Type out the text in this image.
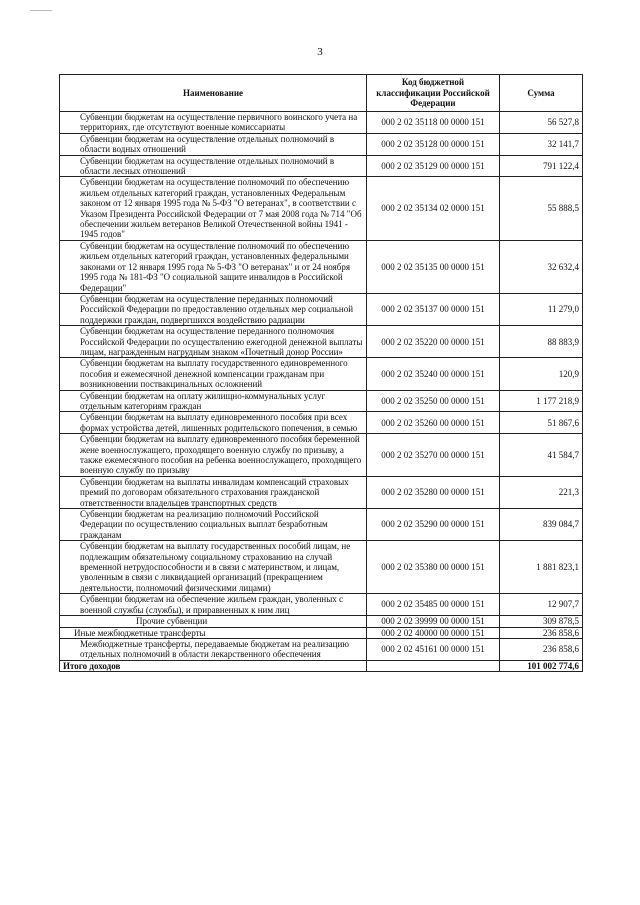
3
Наименование	Код бюджетной классификации Российской Федерации	Сумма
Субвенции бюджетам на осуществление первичного воинского учета на территориях, где отсутствуют военные комиссариаты	000 2 02 35118 00 0000 151	56 527,8
Субвенции бюджетам на осуществление отдельных полномочий в области водных отношений	000 2 02 35128 00 0000 151	32 141,7
Субвенции бюджетам на осуществление отдельных полномочий в области лесных отношений	000 2 02 35129 00 0000 151	791 122,4
Субвенции бюджетам на осуществление полномочий по обеспечению жильем отдельных категорий граждан, установленных Федеральным законом от 12 января 1995 года № 5-ФЗ "О ветеранах", в соответствии с Указом Президента Российской Федерации от 7 мая 2008 года № 714 "Об обеспечении жильем ветеранов Великой Отечественной войны 1941 - 1945 годов"	000 2 02 35134 02 0000 151	55 888,5
Субвенции бюджетам на осуществление полномочий по обеспечению жильем отдельных категорий граждан, установленных федеральными законами от 12 января 1995 года № 5-ФЗ "О ветеранах" и от 24 ноября 1995 года № 181-ФЗ "О социальной защите инвалидов в Российской Федерации"	000 2 02 35135 00 0000 151	32 632,4
Субвенции бюджетам на осуществление переданных полномочий Российской Федерации по предоставлению отдельных мер социальной поддержки граждан, подвергшихся воздействию радиации	000 2 02 35137 00 0000 151	11 279,0
Субвенции бюджетам на осуществление переданного полномочия Российской Федерации по осуществлению ежегодной денежной выплаты лицам, награжденным нагрудным знаком «Почетный донор России»	000 2 02 35220 00 0000 151	88 883,9
Субвенции бюджетам на выплату государственного единовременного пособия и ежемесячной денежной компенсации гражданам при возникновении поствакцинальных осложнений	000 2 02 35240 00 0000 151	120,9
Субвенции бюджетам на оплату жилищно-коммунальных услуг отдельным категориям граждан	000 2 02 35250 00 0000 151	1 177 218,9
Субвенции бюджетам на выплату единовременного пособия при всех формах устройства детей, лишенных родительского попечения, в семью	000 2 02 35260 00 0000 151	51 867,6
Субвенции бюджетам на выплату единовременного пособия беременной жене военнослужащего, проходящего военную службу по призыву, а также ежемесячного пособия на ребенка военнослужащего, проходящего военную службу по призыву	000 2 02 35270 00 0000 151	41 584,7
Субвенции бюджетам на выплаты инвалидам компенсаций страховых премий по договорам обязательного страхования гражданской ответственности владельцев транспортных средств	000 2 02 35280 00 0000 151	221,3
Субвенции бюджетам на реализацию полномочий Российской Федерации по осуществлению социальных выплат безработным гражданам	000 2 02 35290 00 0000 151	839 084,7
Субвенции бюджетам на выплату государственных пособий лицам, не подлежащим обязательному социальному страхованию на случай временной нетрудоспособности и в связи с материнством, и лицам, уволенным в связи с ликвидацией организаций (прекращением деятельности, полномочий физическими лицами)	000 2 02 35380 00 0000 151	1 881 823,1
Субвенции бюджетам на обеспечение жильем граждан, уволенных с военной службы (службы), и приравненных к ним лиц	000 2 02 35485 00 0000 151	12 907,7
Прочие субвенции	000 2 02 39999 00 0000 151	309 878,5
Иные межбюджетные трансферты	000 2 02 40000 00 0000 151	236 858,6
Межбюджетные трансферты, передаваемые бюджетам на реализацию отдельных полномочий в области лекарственного обеспечения	000 2 02 45161 00 0000 151	236 858,6
Итого доходов		101 002 774,6
